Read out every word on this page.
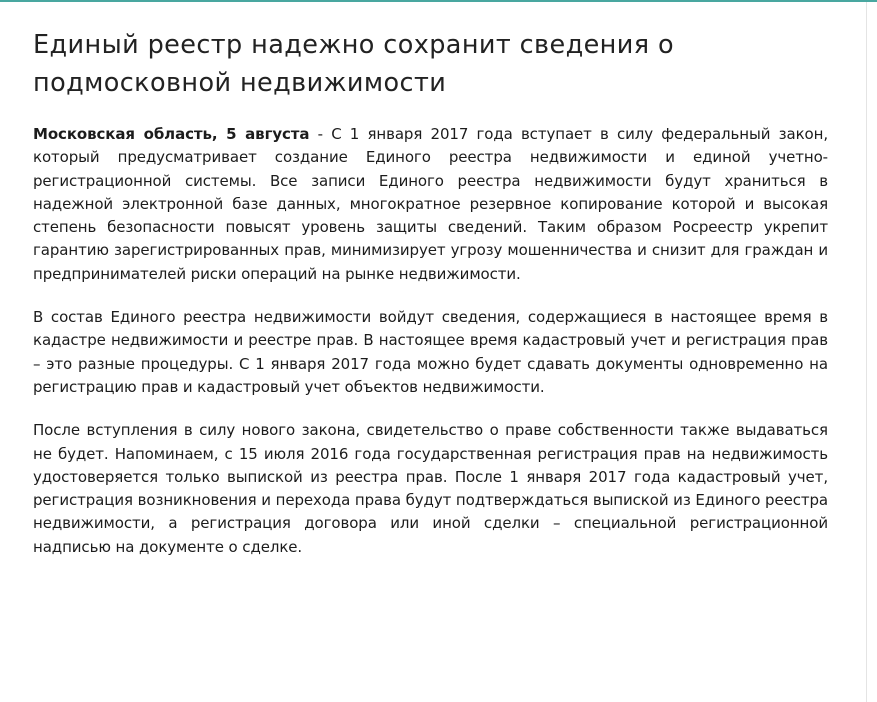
Единый реестр надежно сохранит сведения о подмосковной недвижимости

Московская область, 5 августа - С 1 января 2017 года вступает в силу федеральный закон, который предусматривает создание Единого реестра недвижимости и единой учетно-регистрационной системы. Все записи Единого реестра недвижимости будут храниться в надежной электронной базе данных, многократное резервное копирование которой и высокая степень безопасности повысят уровень защиты сведений. Таким образом Росреестр укрепит гарантию зарегистрированных прав, минимизирует угрозу мошенничества и снизит для граждан и предпринимателей риски операций на рынке недвижимости.

В состав Единого реестра недвижимости войдут сведения, содержащиеся в настоящее время в кадастре недвижимости и реестре прав. В настоящее время кадастровый учет и регистрация прав – это разные процедуры. С 1 января 2017 года можно будет сдавать документы одновременно на регистрацию прав и кадастровый учет объектов недвижимости.

После вступления в силу нового закона, свидетельство о праве собственности также выдаваться не будет. Напоминаем, с 15 июля 2016 года государственная регистрация прав на недвижимость удостоверяется только выпиской из реестра прав. После 1 января 2017 года кадастровый учет, регистрация возникновения и перехода права будут подтверждаться выпиской из Единого реестра недвижимости, а регистрация договора или иной сделки – специальной регистрационной надписью на документе о сделке.
